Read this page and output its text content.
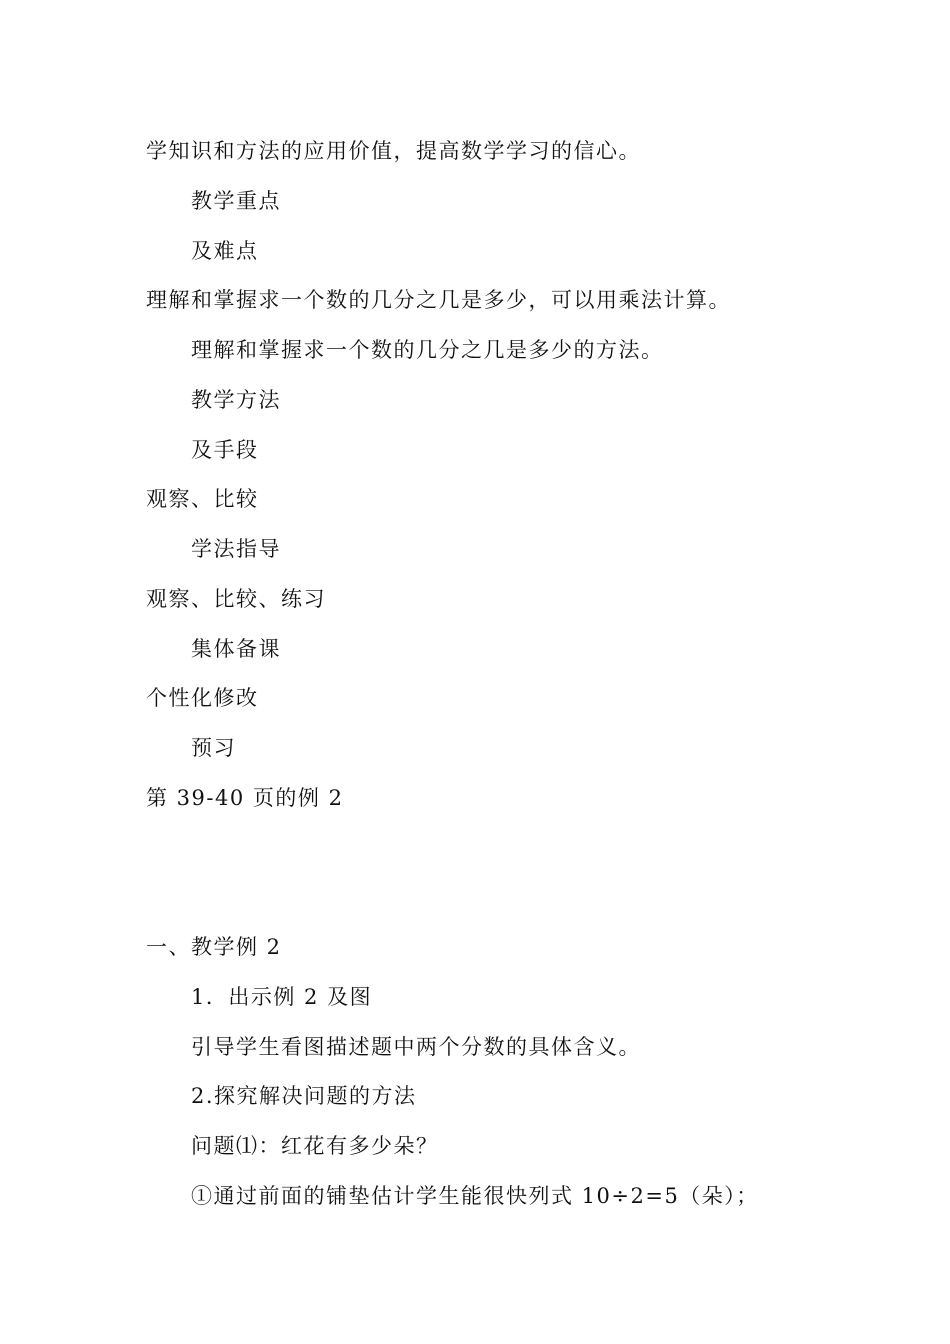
学知识和方法的应用价值，提高数学学习的信心。
教学重点
及难点
理解和掌握求一个数的几分之几是多少，可以用乘法计算。
理解和掌握求一个数的几分之几是多少的方法。
教学方法
及手段
观察、比较
学法指导
观察、比较、练习
集体备课
个性化修改
预习
第 39-40 页的例 2
一、教学例 2
1．出示例 2 及图
引导学生看图描述题中两个分数的具体含义。
2.探究解决问题的方法
问题⑴：红花有多少朵？
①通过前面的铺垫估计学生能很快列式 10÷2=5（朵）；
